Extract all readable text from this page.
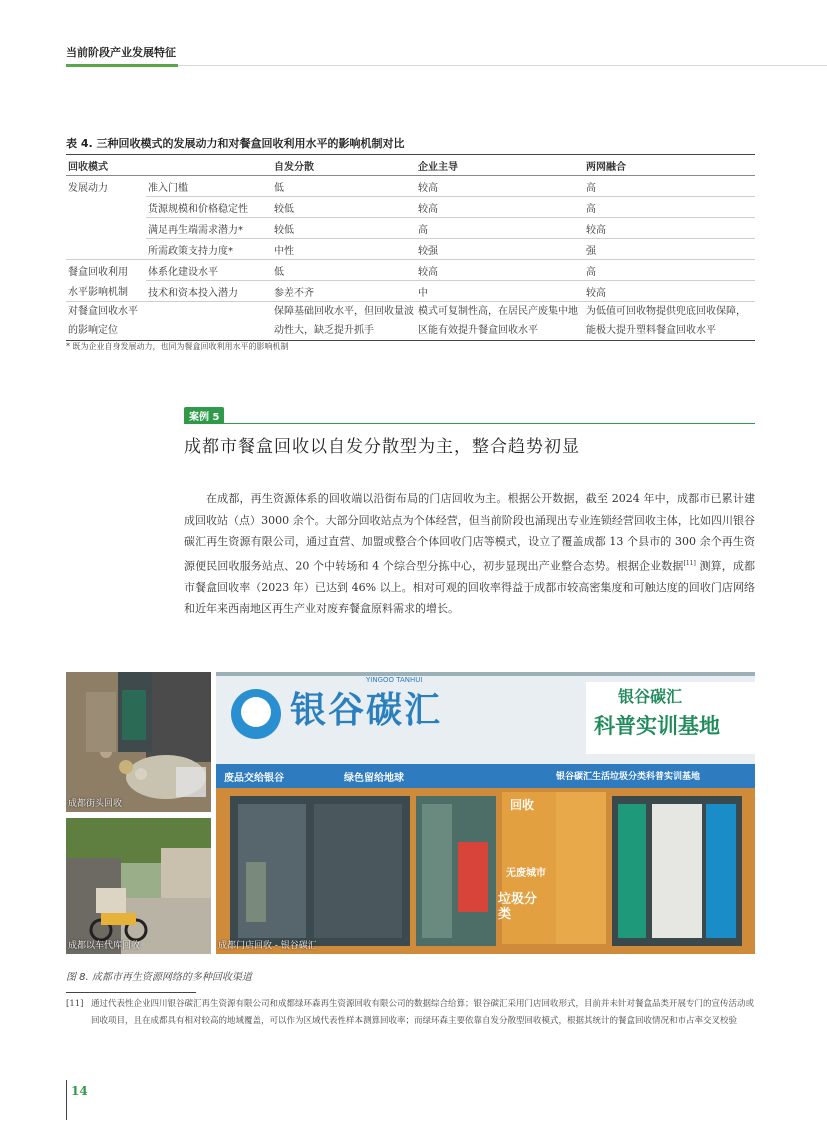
当前阶段产业发展特征
表 4. 三种回收模式的发展动力和对餐盒回收利用水平的影响机制对比
回收模式		自发分散	企业主导	两网融合
发展动力	准入门槛	低	较高	高
	货源规模和价格稳定性	较低	较高	高
	满足再生端需求潜力*	较低	高	较高
	所需政策支持力度*	中性	较强	强
餐盒回收利用	体系化建设水平	低	较高	高
水平影响机制	技术和资本投入潜力	参差不齐	中	较高
对餐盒回收水平的影响定位		保障基础回收水平，但回收量波动性大，缺乏提升抓手	模式可复制性高，在居民产废集中地区能有效提升餐盒回收水平	为低值可回收物提供兜底回收保障，能极大提升塑料餐盒回收水平
* 既为企业自身发展动力，也同为餐盒回收利用水平的影响机制
案例 5
成都市餐盒回收以自发分散型为主，整合趋势初显

在成都，再生资源体系的回收端以沿街布局的门店回收为主。根据公开数据，截至 2024 年中，成都市已累计建成回收站（点）3000 余个。大部分回收站点为个体经营，但当前阶段也涌现出专业连锁经营回收主体，比如四川银谷碳汇再生资源有限公司，通过直营、加盟或整合个体回收门店等模式，设立了覆盖成都 13 个县市的 300 余个再生资源便民回收服务站点、20 个中转场和 4 个综合型分拣中心，初步显现出产业整合态势。根据企业数据[11] 测算，成都市餐盒回收率（2023 年）已达到 46% 以上。相对可观的回收率得益于成都市较高密集度和可触达度的回收门店网络和近年来西南地区再生产业对废弃餐盒原料需求的增长。

成都街头回收
成都以车代库回收
银谷碳汇
YINGOO TANHUI
银谷碳汇
科普实训基地
废品交给银谷	绿色留给地球	银谷碳汇生活垃圾分类科普实训基地
回收
无废城市
垃圾分类
成都门店回收 - 银谷碳汇
图 8. 成都市再生资源网络的多种回收渠道
[11] 通过代表性企业四川银谷碳汇再生资源有限公司和成都绿环森再生资源回收有限公司的数据综合给算；银谷碳汇采用门店回收形式，目前并未针对餐盒品类开展专门的宣传活动或回收项目，且在成都具有相对较高的地域覆盖，可以作为区域代表性样本测算回收率；而绿环森主要依靠自发分散型回收模式，根据其统计的餐盒回收情况和市占率交叉校验
14
